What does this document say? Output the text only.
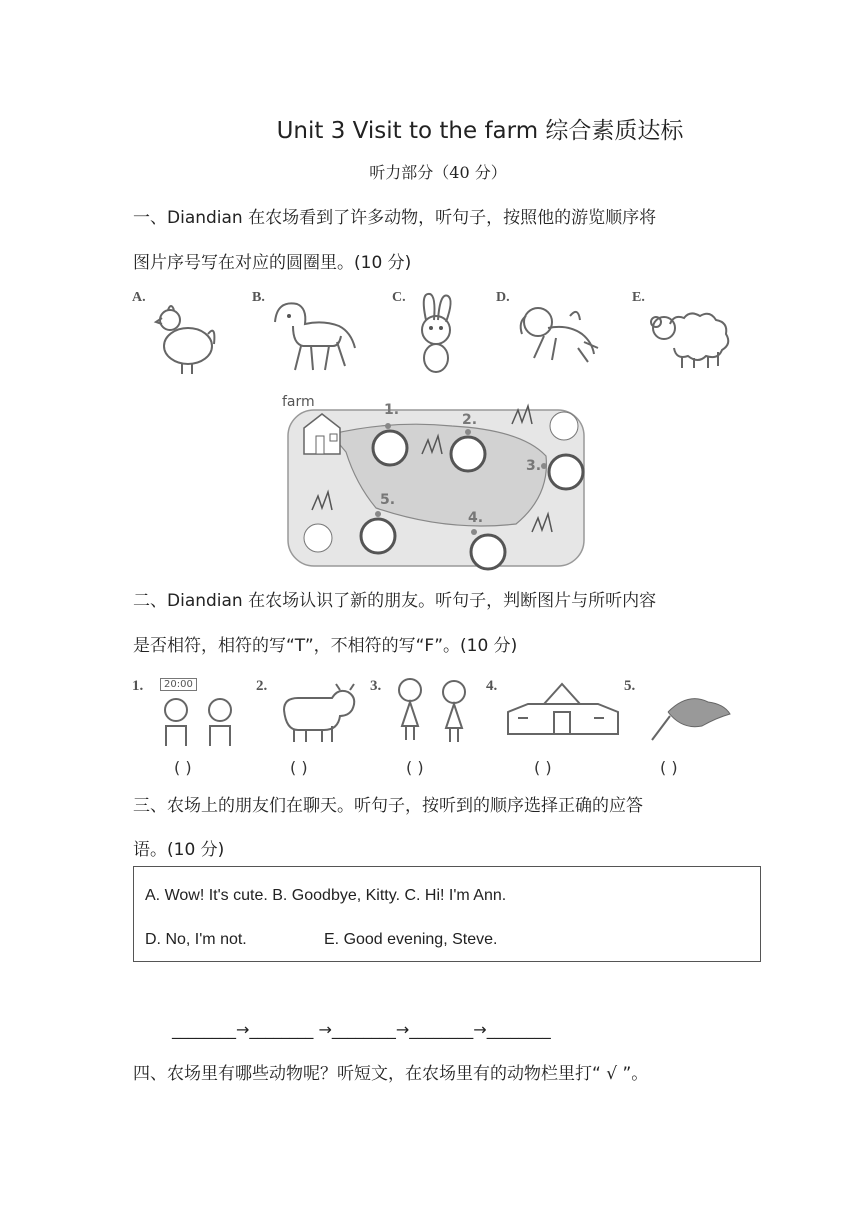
Unit 3 Visit to the farm 综合素质达标
听力部分（40 分）
一、Diandian 在农场看到了许多动物，听句子，按照他的游览顺序将
图片序号写在对应的圆圈里。(10 分)
A.	B.	C.	D.	E.
farm	1.
2.
3.
5.
4.
二、Diandian 在农场认识了新的朋友。听句子，判断图片与所听内容
是否相符，相符的写“T”，不相符的写“F”。(10 分)
1.	20:00	2.	3.	4.	5.
( )	( )	( )	( )	( )
三、农场上的朋友们在聊天。听句子，按听到的顺序选择正确的应答
语。(10 分)
A. Wow! It's cute. B. Goodbye, Kitty. C. Hi! I'm Ann.
D. No, I'm not.	E. Good evening, Steve.
________→________ →________→________→________
四、农场里有哪些动物呢？听短文，在农场里有的动物栏里打“ √ ”。
